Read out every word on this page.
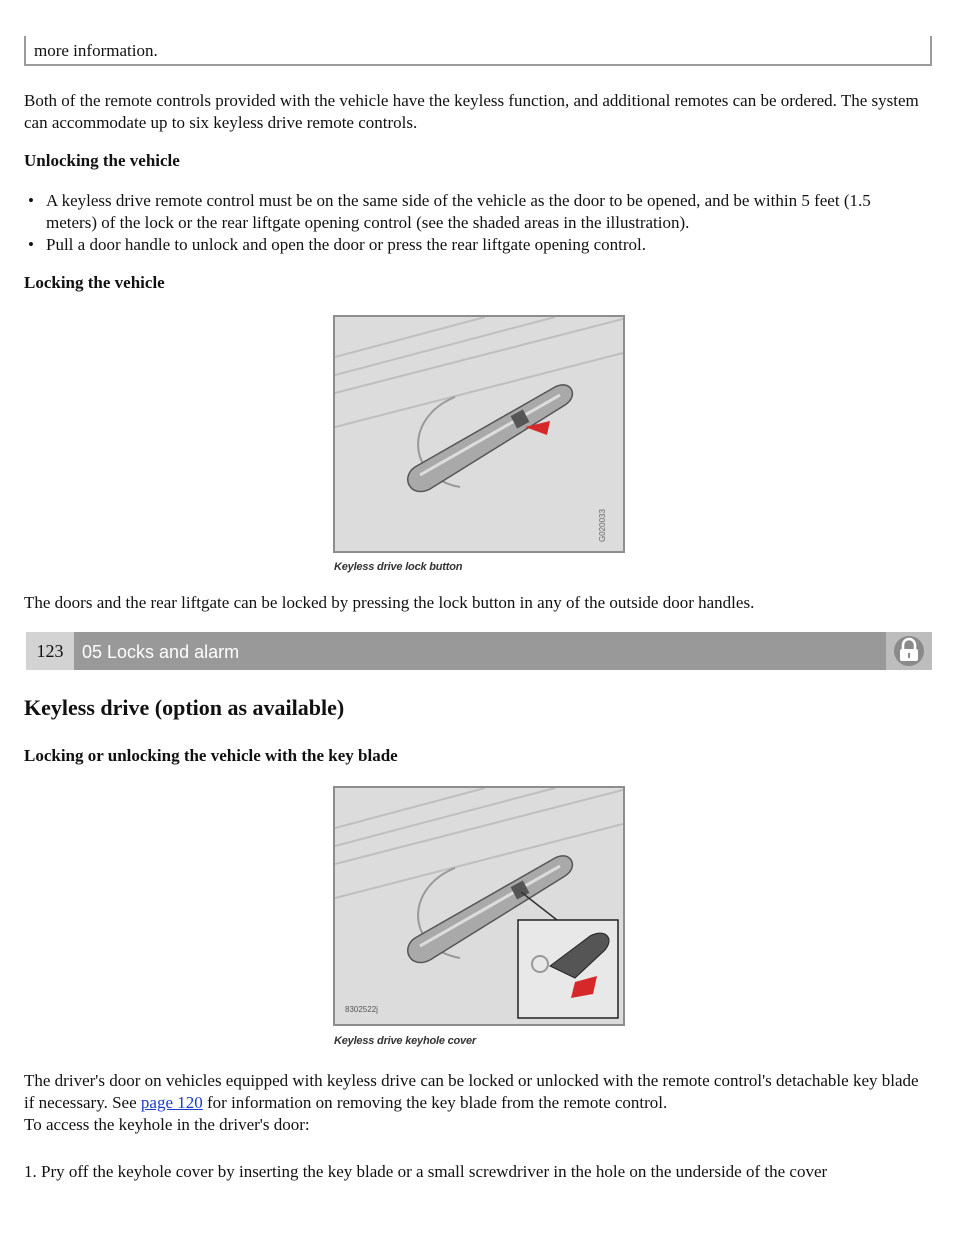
more information.
Both of the remote controls provided with the vehicle have the keyless function, and additional remotes can be ordered. The system can accommodate up to six keyless drive remote controls.
Unlocking the vehicle
• A keyless drive remote control must be on the same side of the vehicle as the door to be opened, and be within 5 feet (1.5 meters) of the lock or the rear liftgate opening control (see the shaded areas in the illustration).
• Pull a door handle to unlock and open the door or press the rear liftgate opening control.
Locking the vehicle
G020033
Keyless drive lock button
The doors and the rear liftgate can be locked by pressing the lock button in any of the outside door handles.
123	05 Locks and alarm
Keyless drive (option as available)
Locking or unlocking the vehicle with the key blade
8302522j
Keyless drive keyhole cover
The driver's door on vehicles equipped with keyless drive can be locked or unlocked with the remote control's detachable key blade if necessary. See page 120 for information on removing the key blade from the remote control.
To access the keyhole in the driver's door:
1. Pry off the keyhole cover by inserting the key blade or a small screwdriver in the hole on the underside of the cover
